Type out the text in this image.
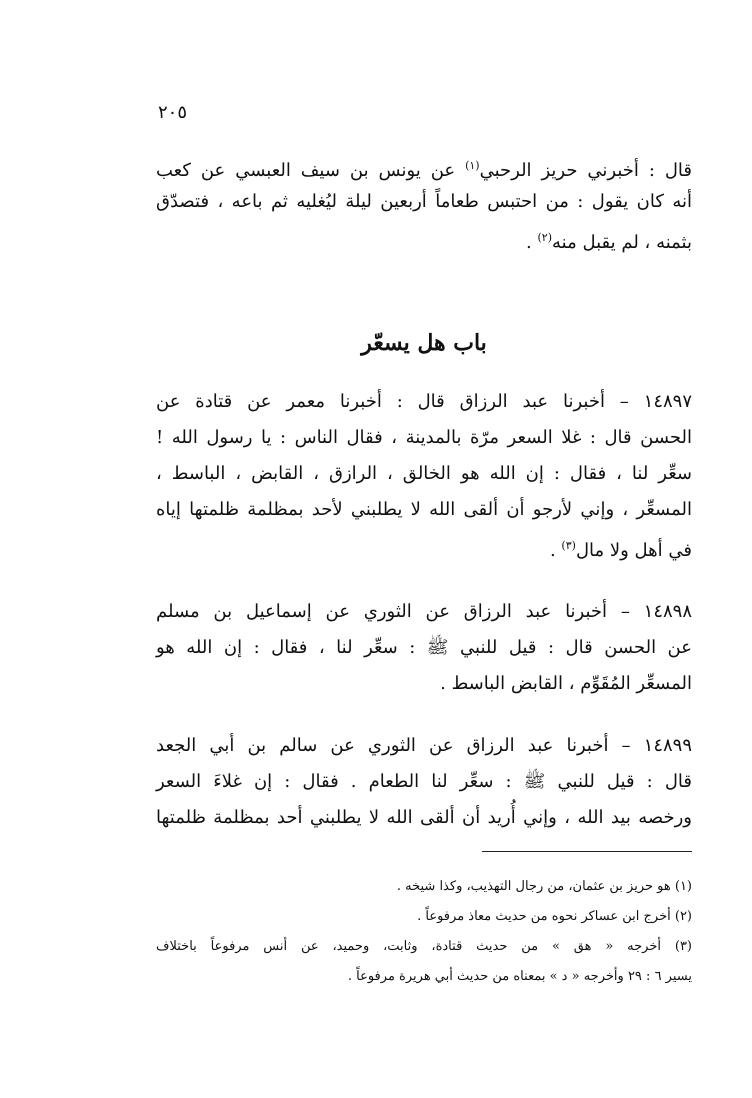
٢٠٥
قال : أخبرني حريز الرحبي$^{(١)}$ عن يونس بن سيف العبسي عن كعب
أنه كان يقول : من احتبس طعاماً أربعين ليلة ليُغليه ثم باعه ، فتصدّق
بثمنه ، لم يقبل منه$^{(٢)}$ .
باب هل يسعّر
١٤٨٩٧ – أخبرنا عبد الرزاق قال : أخبرنا معمر عن قتادة عن
الحسن قال : غلا السعر مرّة بالمدينة ، فقال الناس : يا رسول الله !
سعِّر لنا ، فقال : إن الله هو الخالق ، الرازق ، القابض ، الباسط ،
المسعِّر ، وإني لأرجو أن ألقى الله لا يطلبني لأحد بمظلمة ظلمتها إياه
في أهل ولا مال$^{(٣)}$ .
١٤٨٩٨ – أخبرنا عبد الرزاق عن الثوري عن إسماعيل بن مسلم
عن الحسن قال : قيل للنبي ﷺ : سعِّر لنا ، فقال : إن الله هو
المسعِّر المُقَوِّم ، القابض الباسط .
١٤٨٩٩ – أخبرنا عبد الرزاق عن الثوري عن سالم بن أبي الجعد
قال : قيل للنبي ﷺ : سعِّر لنا الطعام . فقال : إن غلاءَ السعر
ورخصه بيد الله ، وإني أُريد أن ألقى الله لا يطلبني أحد بمظلمة ظلمتها
(١) هو حريز بن عثمان، من رجال التهذيب، وكذا شيخه .
(٢) أخرج ابن عساكر نحوه من حديث معاذ مرفوعاً .
(٣) أخرجه « هق » من حديث قتادة، وثابت، وحميد، عن أنس مرفوعاً باختلاف
يسير ٦ : ٢٩ وأخرجه « د » بمعناه من حديث أبي هريرة مرفوعاً .
